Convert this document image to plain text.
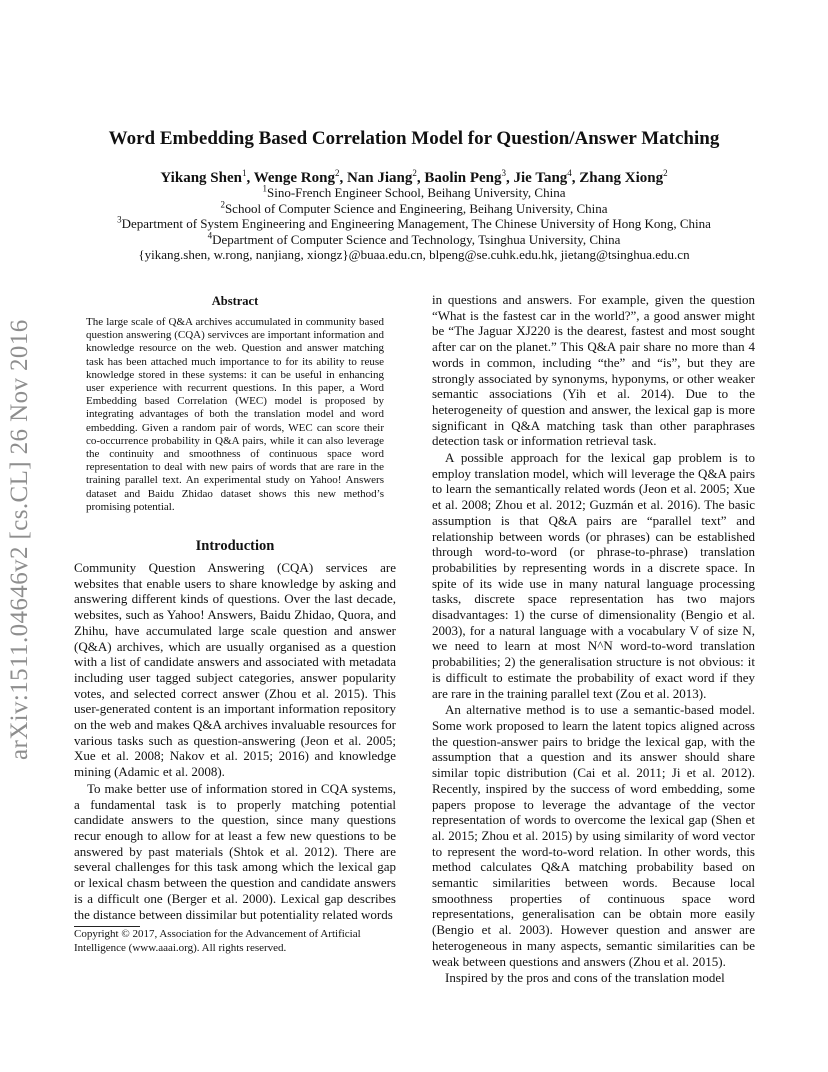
arXiv:1511.04646v2 [cs.CL] 26 Nov 2016
Word Embedding Based Correlation Model for Question/Answer Matching
Yikang Shen$^1$, Wenge Rong$^2$, Nan Jiang$^2$, Baolin Peng$^3$, Jie Tang$^4$, Zhang Xiong$^2$
$^1$Sino-French Engineer School, Beihang University, China
$^2$School of Computer Science and Engineering, Beihang University, China
$^3$Department of System Engineering and Engineering Management, The Chinese University of Hong Kong, China
$^4$Department of Computer Science and Technology, Tsinghua University, China
{yikang.shen, w.rong, nanjiang, xiongz}@buaa.edu.cn, blpeng@se.cuhk.edu.hk, jietang@tsinghua.edu.cn
Abstract

The large scale of Q&A archives accumulated in community based question answering (CQA) servivces are important information and knowledge resource on the web. Question and answer matching task has been attached much importance to for its ability to reuse knowledge stored in these systems: it can be useful in enhancing user experience with recurrent questions. In this paper, a Word Embedding based Correlation (WEC) model is proposed by integrating advantages of both the translation model and word embedding. Given a random pair of words, WEC can score their co-occurrence probability in Q&A pairs, while it can also leverage the continuity and smoothness of continuous space word representation to deal with new pairs of words that are rare in the training parallel text. An experimental study on Yahoo! Answers dataset and Baidu Zhidao dataset shows this new method’s promising potential.

Introduction

Community Question Answering (CQA) services are websites that enable users to share knowledge by asking and answering different kinds of questions. Over the last decade, websites, such as Yahoo! Answers, Baidu Zhidao, Quora, and Zhihu, have accumulated large scale question and answer (Q&A) archives, which are usually organised as a question with a list of candidate answers and associated with metadata including user tagged subject categories, answer popularity votes, and selected correct answer (Zhou et al. 2015). This user-generated content is an important information repository on the web and makes Q&A archives invaluable resources for various tasks such as question-answering (Jeon et al. 2005; Xue et al. 2008; Nakov et al. 2015; 2016) and knowledge mining (Adamic et al. 2008).

To make better use of information stored in CQA systems, a fundamental task is to properly matching potential candidate answers to the question, since many questions recur enough to allow for at least a few new questions to be answered by past materials (Shtok et al. 2012). There are several challenges for this task among which the lexical gap or lexical chasm between the question and candidate answers is a difficult one (Berger et al. 2000). Lexical gap describes the distance between dissimilar but potentiality related words

in questions and answers. For example, given the question “What is the fastest car in the world?”, a good answer might be “The Jaguar XJ220 is the dearest, fastest and most sought after car on the planet.” This Q&A pair share no more than 4 words in common, including “the” and “is”, but they are strongly associated by synonyms, hyponyms, or other weaker semantic associations (Yih et al. 2014). Due to the heterogeneity of question and answer, the lexical gap is more significant in Q&A matching task than other paraphrases detection task or information retrieval task.

A possible approach for the lexical gap problem is to employ translation model, which will leverage the Q&A pairs to learn the semantically related words (Jeon et al. 2005; Xue et al. 2008; Zhou et al. 2012; Guzmán et al. 2016). The basic assumption is that Q&A pairs are “parallel text” and relationship between words (or phrases) can be established through word-to-word (or phrase-to-phrase) translation probabilities by representing words in a discrete space. In spite of its wide use in many natural language processing tasks, discrete space representation has two majors disadvantages: 1) the curse of dimensionality (Bengio et al. 2003), for a natural language with a vocabulary V of size N, we need to learn at most N^N word-to-word translation probabilities; 2) the generalisation structure is not obvious: it is difficult to estimate the probability of exact word if they are rare in the training parallel text (Zou et al. 2013).

An alternative method is to use a semantic-based model. Some work proposed to learn the latent topics aligned across the question-answer pairs to bridge the lexical gap, with the assumption that a question and its answer should share similar topic distribution (Cai et al. 2011; Ji et al. 2012). Recently, inspired by the success of word embedding, some papers propose to leverage the advantage of the vector representation of words to overcome the lexical gap (Shen et al. 2015; Zhou et al. 2015) by using similarity of word vector to represent the word-to-word relation. In other words, this method calculates Q&A matching probability based on semantic similarities between words. Because local smoothness properties of continuous space word representations, generalisation can be obtain more easily (Bengio et al. 2003). However question and answer are heterogeneous in many aspects, semantic similarities can be weak between questions and answers (Zhou et al. 2015).

Inspired by the pros and cons of the translation model

Copyright © 2017, Association for the Advancement of Artificial Intelligence (www.aaai.org). All rights reserved.
